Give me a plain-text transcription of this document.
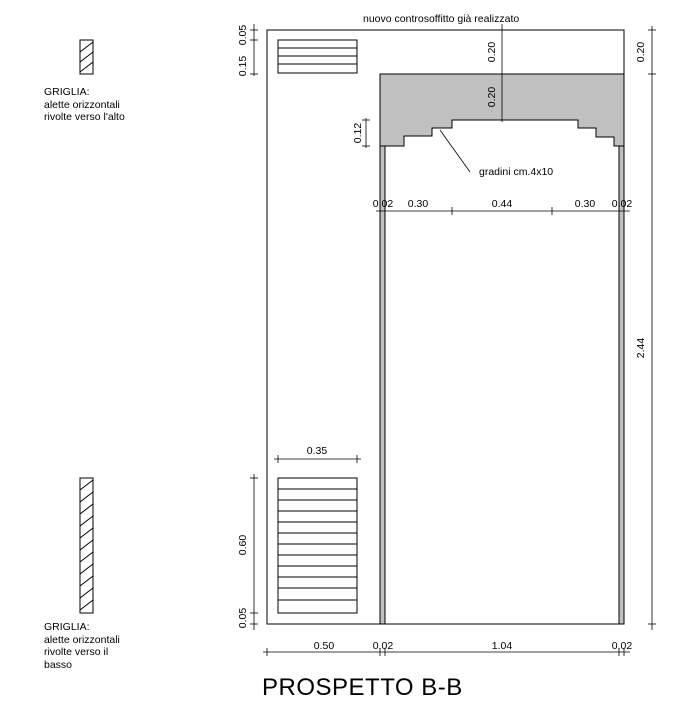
GRIGLIA:
alette orizzontali
rivolte verso l'alto
GRIGLIA:
alette orizzontali
rivolte verso il
basso
nuovo controsoffitto già realizzato
gradini cm.4x10
0.05
0.15
0.12
0.20
0.20
0.20
2.44
0.60
0.05
0.02 0.30	0.44	0.30 0.02
0.35
0.50	0.02	1.04	0.02
PROSPETTO B-B
